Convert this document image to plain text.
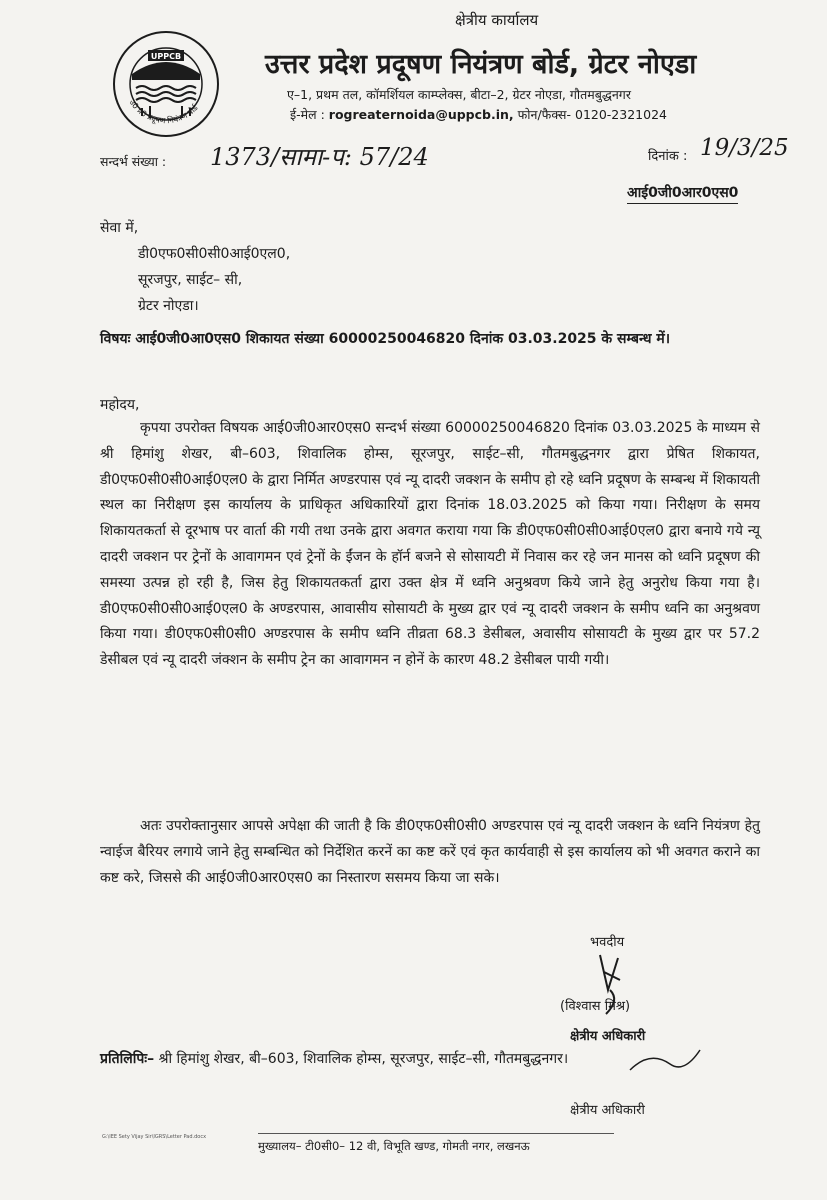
UPPCB
उ0 प्र0 प्रदूषण नियंत्रण बोर्ड
क्षेत्रीय कार्यालय
उत्तर प्रदेश प्रदूषण नियंत्रण बोर्ड, ग्रेटर नोएडा
ए–1, प्रथम तल, कॉमर्शियल काम्प्लेक्स, बीटा–2, ग्रेटर नोएडा, गौतमबुद्धनगर
ई-मेल : rogreaternoida@uppcb.in, फोन/फैक्स- 0120-2321024
सन्दर्भ संख्या : 1373/सामा-प: 57/24	दिनांक : 19/3/25
आई0जी0आर0एस0
सेवा में,
डी0एफ0सी0सी0आई0एल0,
सूरजपुर, साईट– सी,
ग्रेटर नोएडा।
विषयः आई0जी0आ0एस0 शिकायत संख्या 60000250046820 दिनांक 03.03.2025 के सम्बन्ध में।
महोदय,
कृपया उपरोक्त विषयक आई0जी0आर0एस0 सन्दर्भ संख्या 60000250046820 दिनांक 03.03.2025 के माध्यम से श्री हिमांशु शेखर, बी–603, शिवालिक होम्स, सूरजपुर, साईट–सी, गौतमबुद्धनगर द्वारा प्रेषित शिकायत, डी0एफ0सी0सी0आई0एल0 के द्वारा निर्मित अण्डरपास एवं न्यू दादरी जक्शन के समीप हो रहे ध्वनि प्रदूषण के सम्बन्ध में शिकायती स्थल का निरीक्षण इस कार्यालय के प्राधिकृत अधिकारियों द्वारा दिनांक 18.03.2025 को किया गया। निरीक्षण के समय शिकायतकर्ता से दूरभाष पर वार्ता की गयी तथा उनके द्वारा अवगत कराया गया कि डी0एफ0सी0सी0आई0एल0 द्वारा बनाये गये न्यू दादरी जक्शन पर ट्रेनों के आवागमन एवं ट्रेनों के ईंजन के हॉर्न बजने से सोसायटी में निवास कर रहे जन मानस को ध्वनि प्रदूषण की समस्या उत्पन्न हो रही है, जिस हेतु शिकायतकर्ता द्वारा उक्त क्षेत्र में ध्वनि अनुश्रवण किये जाने हेतु अनुरोध किया गया है। डी0एफ0सी0सी0आई0एल0 के अण्डरपास, आवासीय सोसायटी के मुख्य द्वार एवं न्यू दादरी जक्शन के समीप ध्वनि का अनुश्रवण किया गया। डी0एफ0सी0सी0 अण्डरपास के समीप ध्वनि तीव्रता 68.3 डेसीबल, अवासीय सोसायटी के मुख्य द्वार पर 57.2 डेसीबल एवं न्यू दादरी जंक्शन के समीप ट्रेन का आवागमन न होनें के कारण 48.2 डेसीबल पायी गयी।
अतः उपरोक्तानुसार आपसे अपेक्षा की जाती है कि डी0एफ0सी0सी0 अण्डरपास एवं न्यू दादरी जक्शन के ध्वनि नियंत्रण हेतु न्वाईज बैरियर लगाये जाने हेतु सम्बन्धित को निर्देशित करनें का कष्ट करें एवं कृत कार्यवाही से इस कार्यालय को भी अवगत कराने का कष्ट करे, जिससे की आई0जी0आर0एस0 का निस्तारण ससमय किया जा सके।
भवदीय
(विश्वास मिश्र)
क्षेत्रीय अधिकारी
प्रतिलिपिः– श्री हिमांशु शेखर, बी–603, शिवालिक होम्स, सूरजपुर, साईट–सी, गौतमबुद्धनगर।
क्षेत्रीय अधिकारी
G:\IEE Sety Vijay Sir\IGRS\Letter Pad.docx
मुख्यालय– टी0सी0– 12 वी, विभूति खण्ड, गोमती नगर, लखनऊ
